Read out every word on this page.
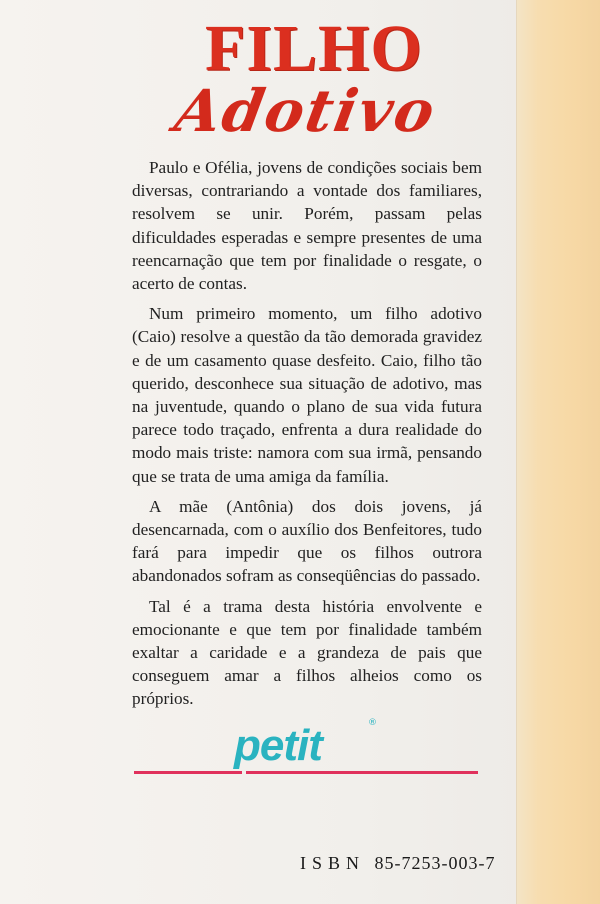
FILHO
Adotivo

Paulo e Ofélia, jovens de condições sociais bem diversas, contrariando a vontade dos familiares, resolvem se unir. Porém, passam pelas dificuldades esperadas e sempre presentes de uma reencarnação que tem por finalidade o resgate, o acerto de contas.

Num primeiro momento, um filho adotivo (Caio) resolve a questão da tão demorada gravidez e de um casamento quase desfeito. Caio, filho tão querido, desconhece sua situação de adotivo, mas na juventude, quando o plano de sua vida futura parece todo traçado, enfrenta a dura realidade do modo mais triste: namora com sua irmã, pensando que se trata de uma amiga da família.

A mãe (Antônia) dos dois jovens, já desencarnada, com o auxílio dos Benfeitores, tudo fará para impedir que os filhos outrora abandonados sofram as conseqüências do passado.

Tal é a trama desta história envolvente e emocionante e que tem por finalidade também exaltar a caridade e a grandeza de pais que conseguem amar a filhos alheios como os próprios.

petit	®
ISBN 85-7253-003-7
